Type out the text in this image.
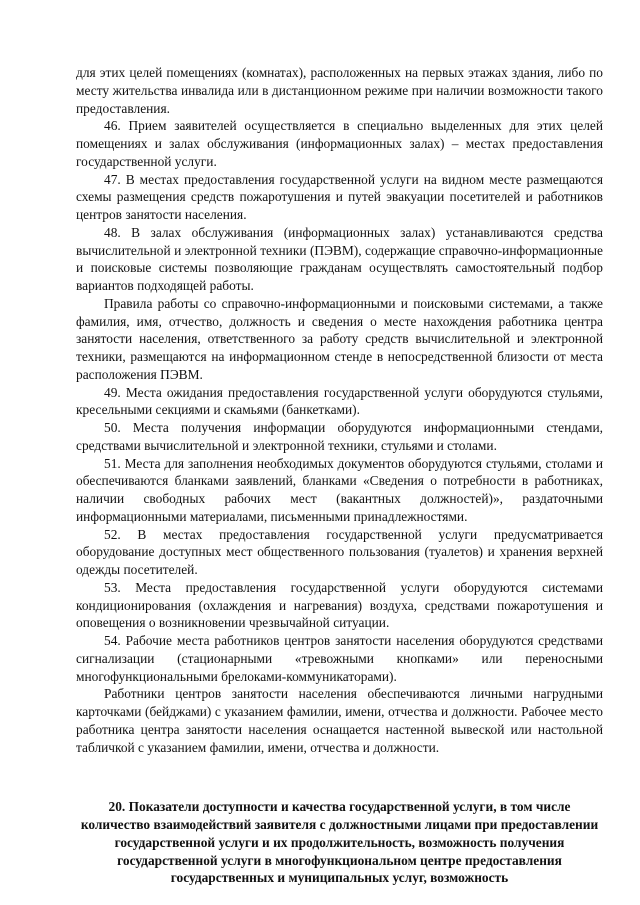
для этих целей помещениях (комнатах), расположенных на первых этажах здания, либо по месту жительства инвалида или в дистанционном режиме при наличии возможности такого предоставления.

46. Прием заявителей осуществляется в специально выделенных для этих целей помещениях и залах обслуживания (информационных залах) – местах предоставления государственной услуги.

47. В местах предоставления государственной услуги на видном месте размещаются схемы размещения средств пожаротушения и путей эвакуации посетителей и работников центров занятости населения.

48. В залах обслуживания (информационных залах) устанавливаются средства вычислительной и электронной техники (ПЭВМ), содержащие справочно-информационные и поисковые системы позволяющие гражданам осуществлять самостоятельный подбор вариантов подходящей работы.

Правила работы со справочно-информационными и поисковыми системами, а также фамилия, имя, отчество, должность и сведения о месте нахождения работника центра занятости населения, ответственного за работу средств вычислительной и электронной техники, размещаются на информационном стенде в непосредственной близости от места расположения ПЭВМ.

49. Места ожидания предоставления государственной услуги оборудуются стульями, кресельными секциями и скамьями (банкетками).

50. Места получения информации оборудуются информационными стендами, средствами вычислительной и электронной техники, стульями и столами.

51. Места для заполнения необходимых документов оборудуются стульями, столами и обеспечиваются бланками заявлений, бланками «Сведения о потребности в работниках, наличии свободных рабочих мест (вакантных должностей)», раздаточными информационными материалами, письменными принадлежностями.

52. В местах предоставления государственной услуги предусматривается оборудование доступных мест общественного пользования (туалетов) и хранения верхней одежды посетителей.

53. Места предоставления государственной услуги оборудуются системами кондиционирования (охлаждения и нагревания) воздуха, средствами пожаротушения и оповещения о возникновении чрезвычайной ситуации.

54. Рабочие места работников центров занятости населения оборудуются средствами сигнализации (стационарными «тревожными кнопками» или переносными многофункциональными брелоками-коммуникаторами).

Работники центров занятости населения обеспечиваются личными нагрудными карточками (бейджами) с указанием фамилии, имени, отчества и должности. Рабочее место работника центра занятости населения оснащается настенной вывеской или настольной табличкой с указанием фамилии, имени, отчества и должности.

20. Показатели доступности и качества государственной услуги, в том числе количество взаимодействий заявителя с должностными лицами при предоставлении государственной услуги и их продолжительность, возможность получения государственной услуги в многофункциональном центре предоставления государственных и муниципальных услуг, возможность
